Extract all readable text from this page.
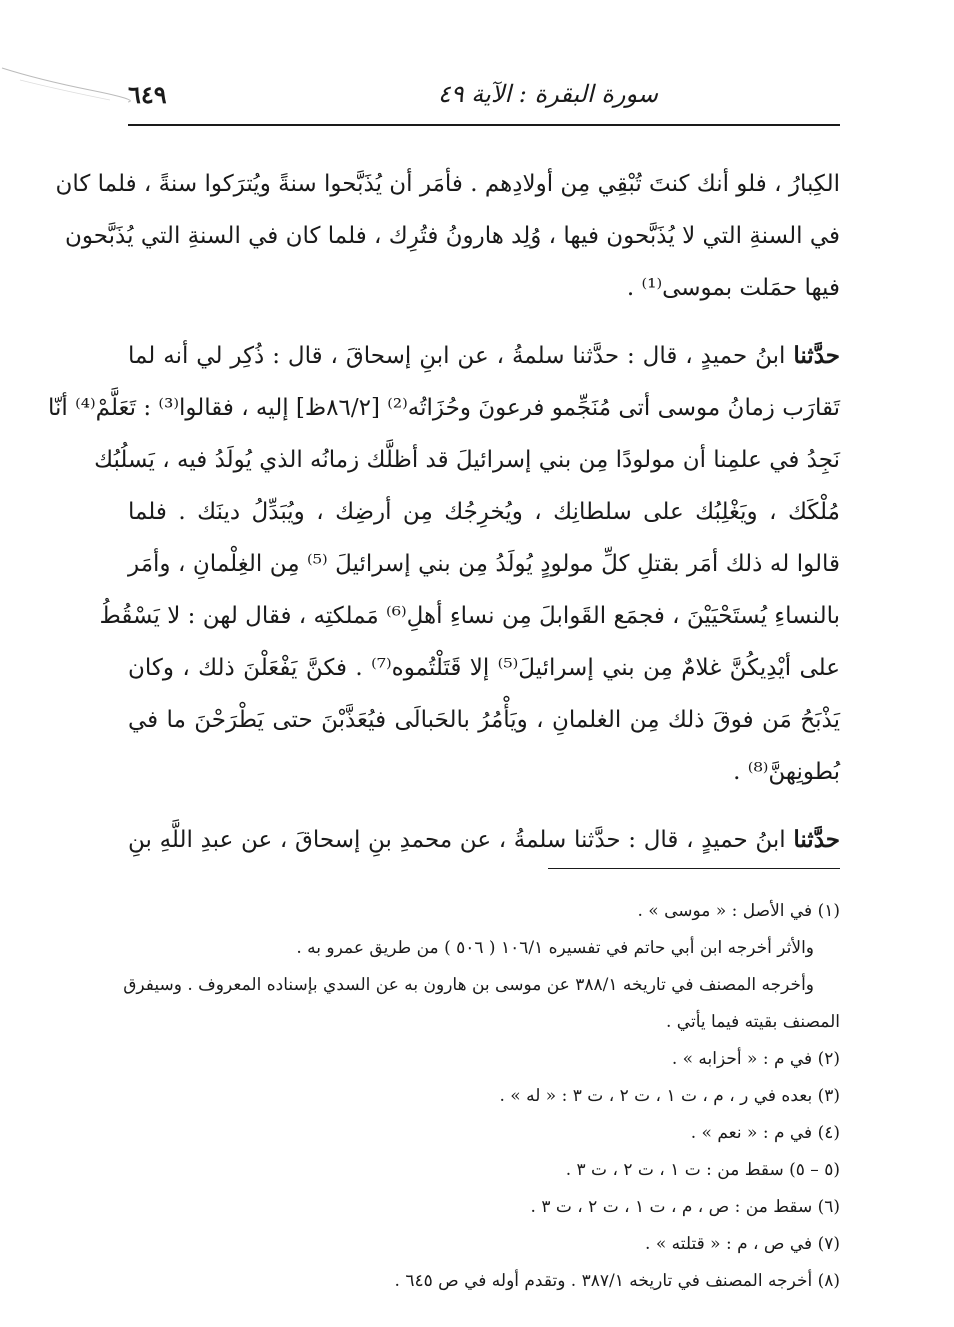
سورة البقرة : الآية ٤٩
٦٤٩
الكِبارُ ، فلو أنك كنتَ تُبْقِي مِن أولادِهم . فأمَر أن يُذَبَّحوا سنةً ويُترَكوا سنةً ، فلما كان
في السنةِ التي لا يُذَبَّحون فيها ، وُلِد هارونُ فتُرِك ، فلما كان في السنةِ التي يُذَبَّحون
فيها حمَلت بموسى⁽¹⁾ .
حدَّثنا ابنُ حميدٍ ، قال : حدَّثنا سلمةُ ، عن ابنِ إسحاقَ ، قال : ذُكِر لي أنه لما
تَقارَب زمانُ موسى أتى مُنَجِّمو فرعونَ وحُزَاتُه⁽²⁾ [٨٦/٢ظ] إليه ، فقالوا⁽³⁾ : تَعَلَّمْ⁽⁴⁾ أنّا
نَجِدُ في علمِنا أن مولودًا مِن بني إسرائيلَ قد أظلَّك زمانُه الذي يُولَدُ فيه ، يَسلُبُك
مُلْكَك ، ويَغْلِبُك على سلطانِك ، ويُخرِجُك مِن أرضِك ، ويُبَدِّلُ دينَك . فلما
قالوا له ذلك أمَر بقتلِ كلِّ مولودٍ يُولَدُ مِن بني إسرائيلَ ⁽⁵⁾ مِن الغِلْمانِ ، وأمَر
بالنساءِ يُستَحْيَيْنَ ، فجمَع القَوابلَ مِن نساءِ أهلِ⁽⁶⁾ مَملكتِه ، فقال لهن : لا يَسْقُطُ
على أيْدِيكُنَّ غلامٌ مِن بني إسرائيلَ⁽⁵⁾ إلا قَتَلْتُموه⁽⁷⁾ . فكنَّ يَفْعَلْنَ ذلك ، وكان
يَذْبَحُ مَن فوقَ ذلك مِن الغلمانِ ، ويَأْمُرُ بالحَبالَى فيُعَذَّبْنَ حتى يَطْرَحْنَ ما في
بُطونِهنَّ⁽⁸⁾ .
حدَّثنا ابنُ حميدٍ ، قال : حدَّثنا سلمةُ ، عن محمدِ بنِ إسحاقَ ، عن عبدِ اللَّهِ بنِ
(١) في الأصل : « موسى » .
والأثر أخرجه ابن أبي حاتم في تفسيره ١٠٦/١ ( ٥٠٦ ) من طريق عمرو به .
وأخرجه المصنف في تاريخه ٣٨٨/١ عن موسى بن هارون به عن السدي بإسناده المعروف . وسيفرق
المصنف بقيته فيما يأتي .
(٢) في م : « أحزابه » .
(٣) بعده في ر ، م ، ت ١ ، ت ٢ ، ت ٣ : « له » .
(٤) في م : « نعم » .
(٥ – ٥) سقط من : ت ١ ، ت ٢ ، ت ٣ .
(٦) سقط من : ص ، م ، ت ١ ، ت ٢ ، ت ٣ .
(٧) في ص ، م : « قتلته » .
(٨) أخرجه المصنف في تاريخه ٣٨٧/١ . وتقدم أوله في ص ٦٤٥ .
